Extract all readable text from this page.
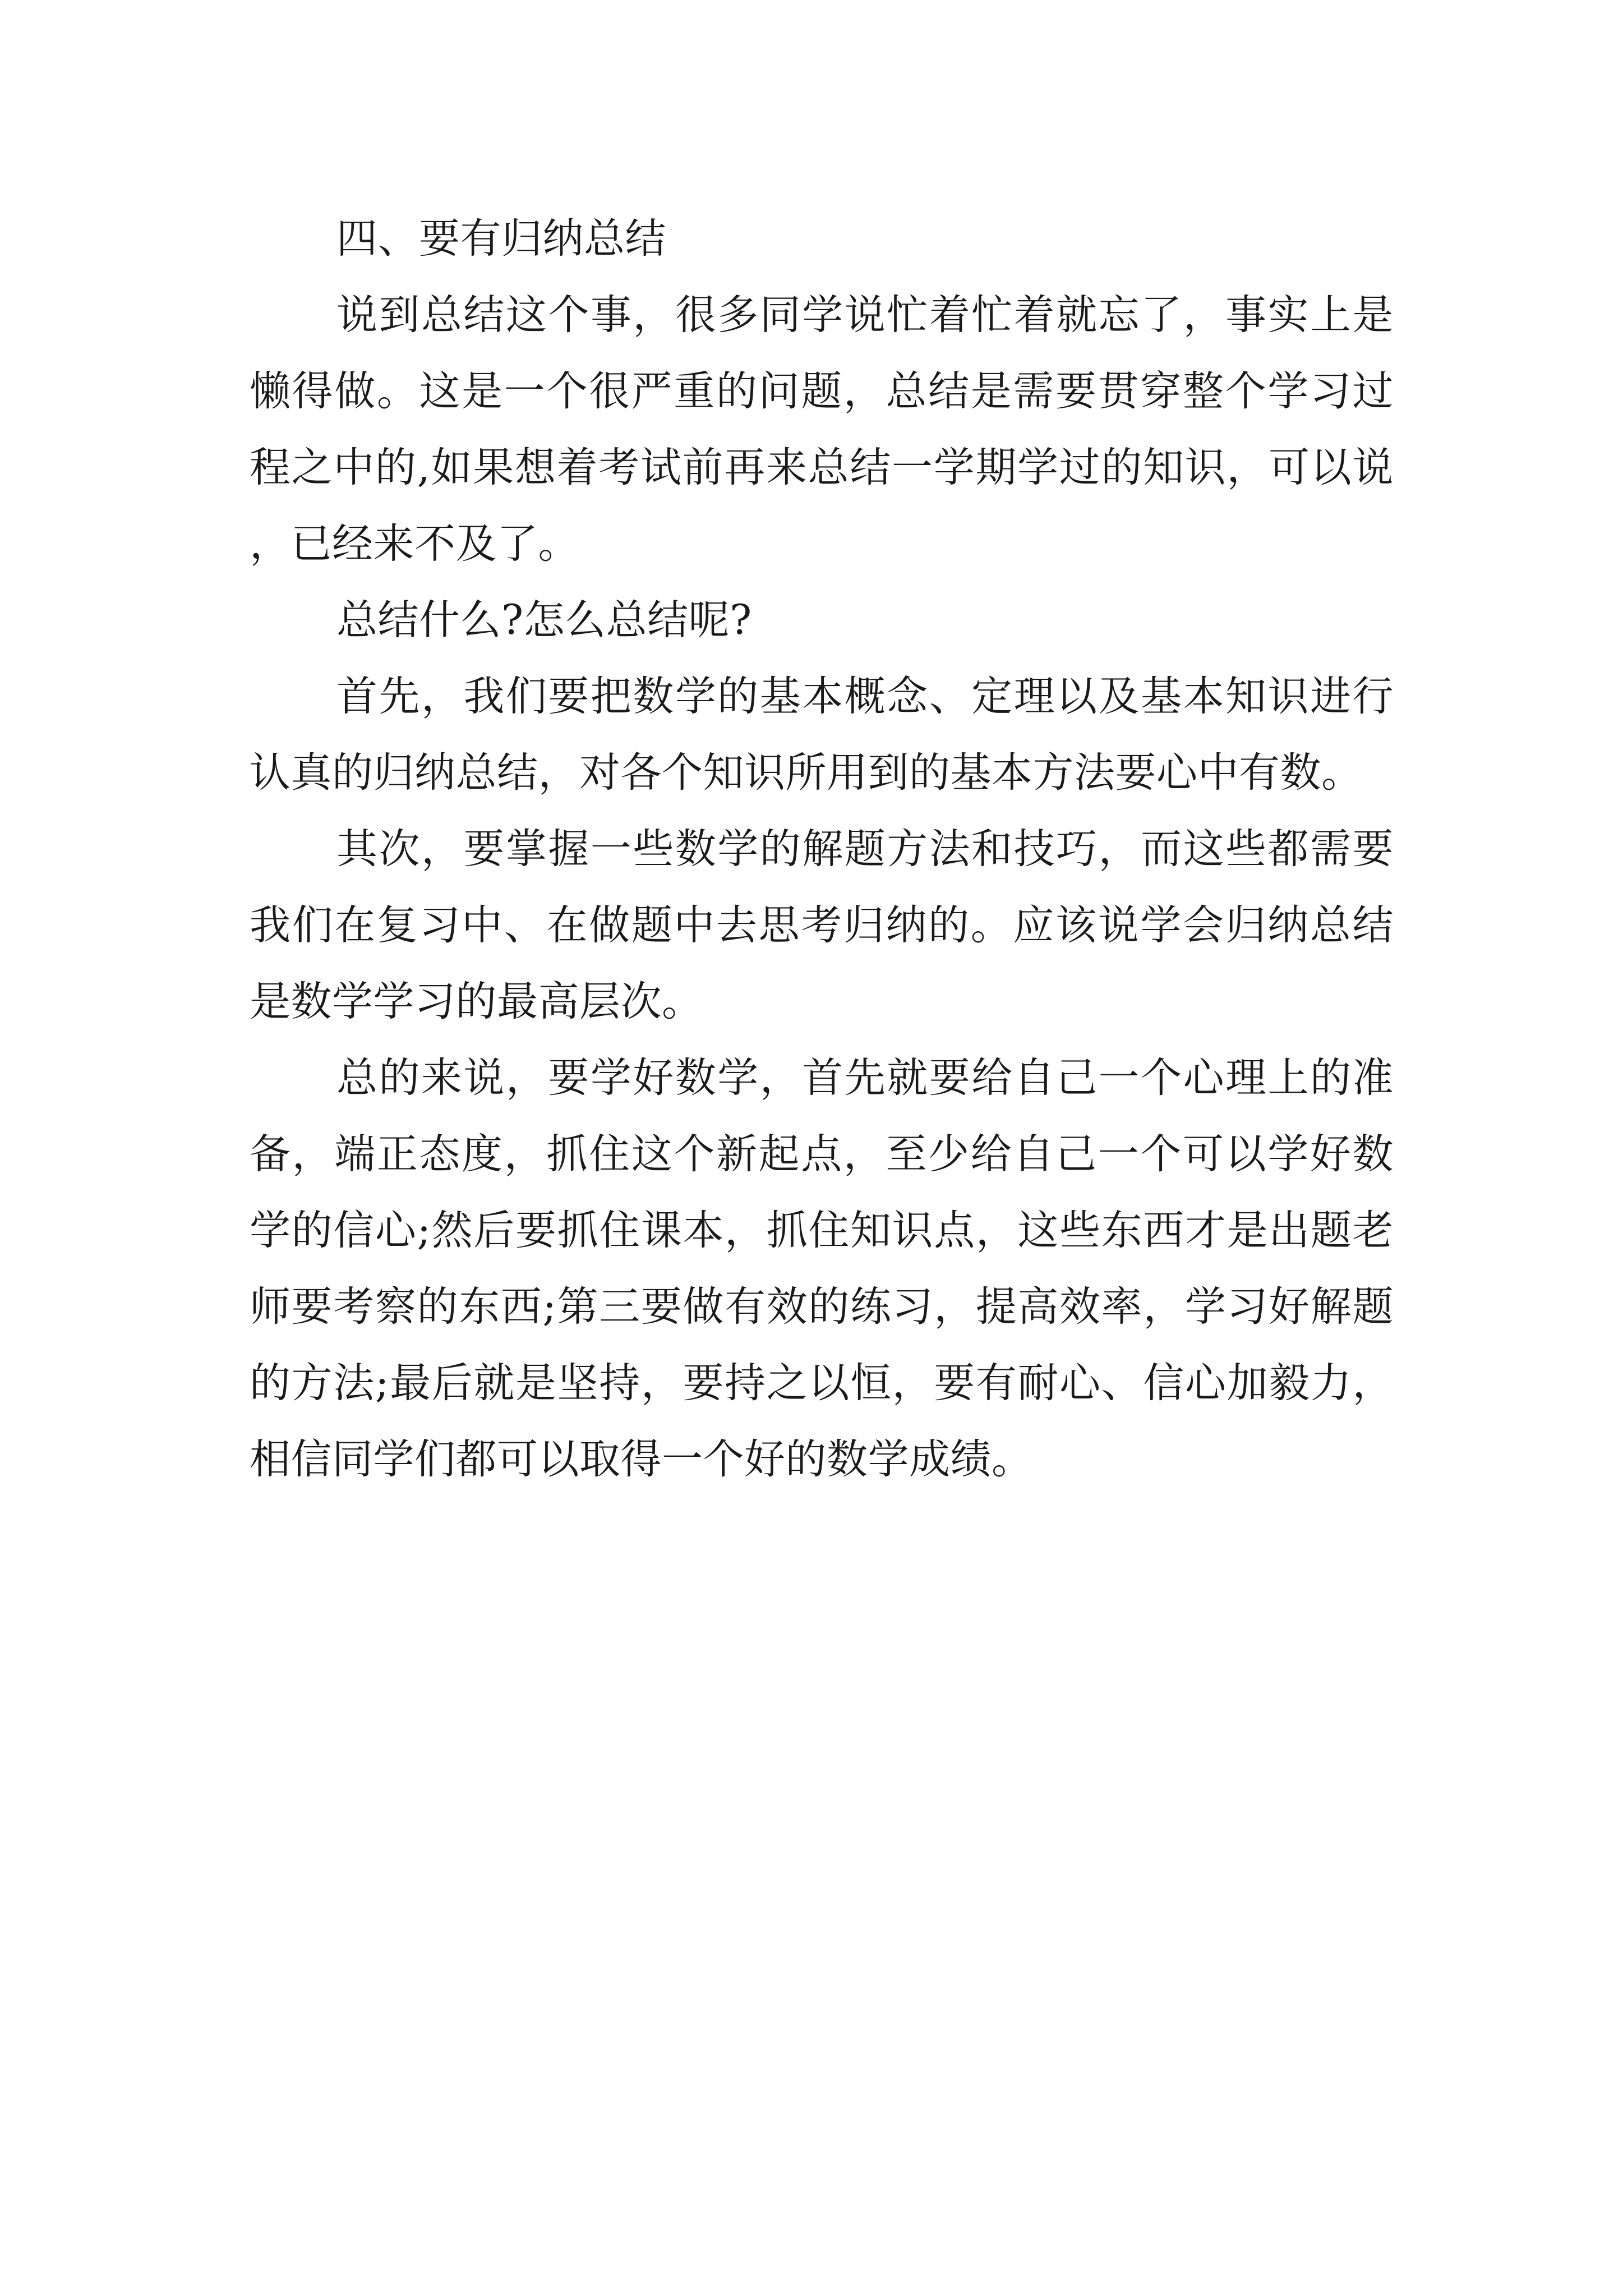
四、要有归纳总结

说到总结这个事，很多同学说忙着忙着就忘了，事实上是懒得做。这是一个很严重的问题，总结是需要贯穿整个学习过程之中的,如果想着考试前再来总结一学期学过的知识，可以说，已经来不及了。

总结什么?怎么总结呢?

首先，我们要把数学的基本概念、定理以及基本知识进行认真的归纳总结，对各个知识所用到的基本方法要心中有数。

其次，要掌握一些数学的解题方法和技巧，而这些都需要我们在复习中、在做题中去思考归纳的。应该说学会归纳总结是数学学习的最高层次。

总的来说，要学好数学，首先就要给自己一个心理上的准备，端正态度，抓住这个新起点，至少给自己一个可以学好数学的信心;然后要抓住课本，抓住知识点，这些东西才是出题老师要考察的东西;第三要做有效的练习，提高效率，学习好解题的方法;最后就是坚持，要持之以恒，要有耐心、信心加毅力，相信同学们都可以取得一个好的数学成绩。
